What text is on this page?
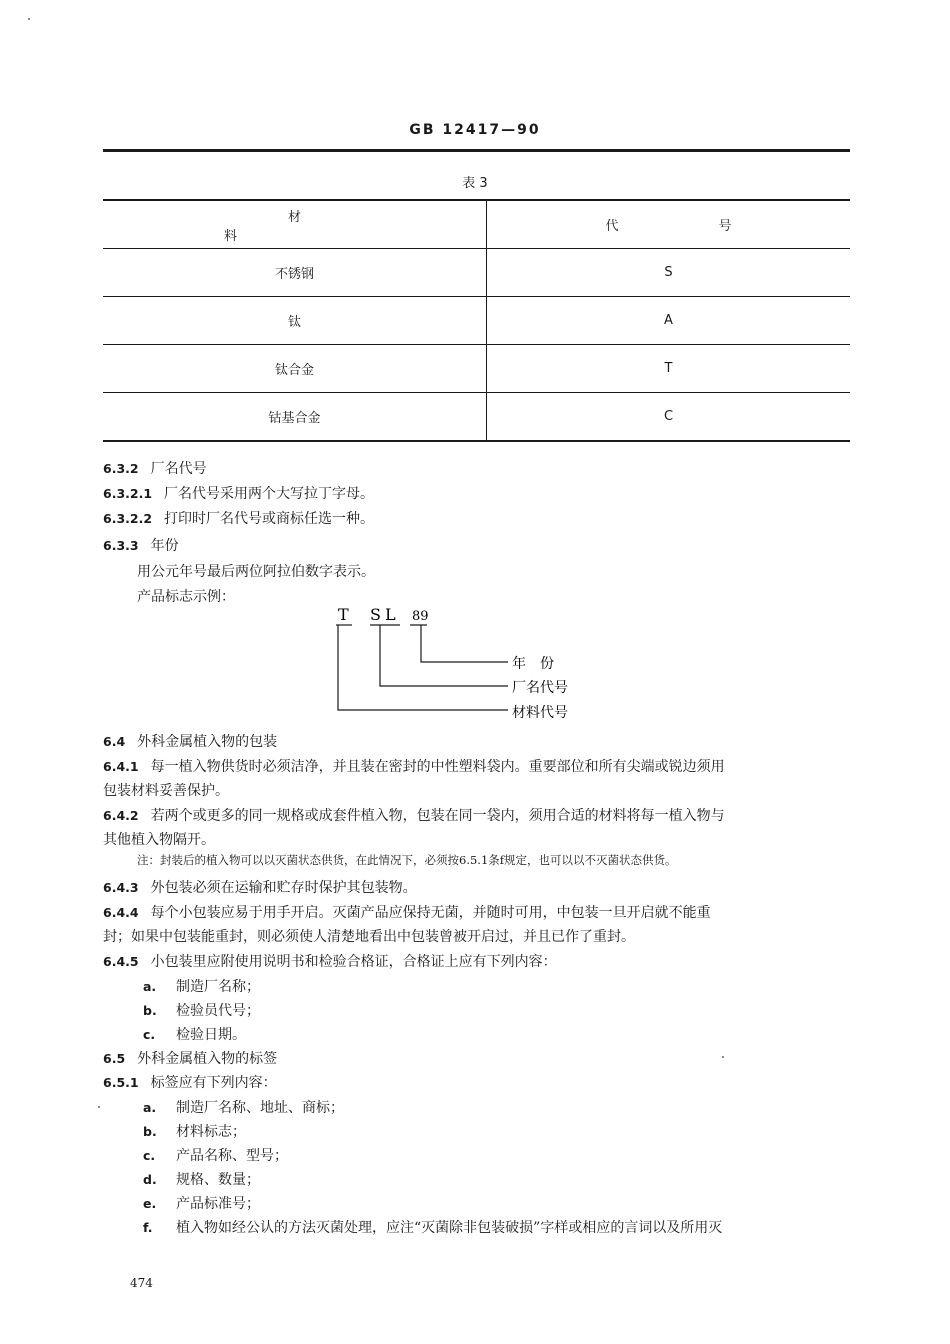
GB 12417—90
表 3
材料	代号
不锈钢	S
钛	A
钛合金	T
钴基合金	C
6.3.2 厂名代号
6.3.2.1 厂名代号采用两个大写拉丁字母。
6.3.2.2 打印时厂名代号或商标任选一种。
6.3.3 年份
用公元年号最后两位阿拉伯数字表示。
产品标志示例：
T SL 89
年　份
厂名代号
材料代号
6.4 外科金属植入物的包装
6.4.1 每一植入物供货时必须洁净，并且装在密封的中性塑料袋内。重要部位和所有尖端或锐边须用
包装材料妥善保护。
6.4.2 若两个或更多的同一规格或成套件植入物，包装在同一袋内，须用合适的材料将每一植入物与
其他植入物隔开。
注：封装后的植入物可以以灭菌状态供货，在此情况下，必须按6.5.1条f规定，也可以以不灭菌状态供货。
6.4.3 外包装必须在运输和贮存时保护其包装物。
6.4.4 每个小包装应易于用手开启。灭菌产品应保持无菌，并随时可用，中包装一旦开启就不能重
封；如果中包装能重封，则必须使人清楚地看出中包装曾被开启过，并且已作了重封。
6.4.5 小包装里应附使用说明书和检验合格证，合格证上应有下列内容：
a. 制造厂名称；
b. 检验员代号；
c. 检验日期。
6.5 外科金属植入物的标签
6.5.1 标签应有下列内容：
a. 制造厂名称、地址、商标；
b. 材料标志；
c. 产品名称、型号；
d. 规格、数量；
e. 产品标准号；
f. 植入物如经公认的方法灭菌处理，应注“灭菌除非包装破损”字样或相应的言词以及所用灭
474
